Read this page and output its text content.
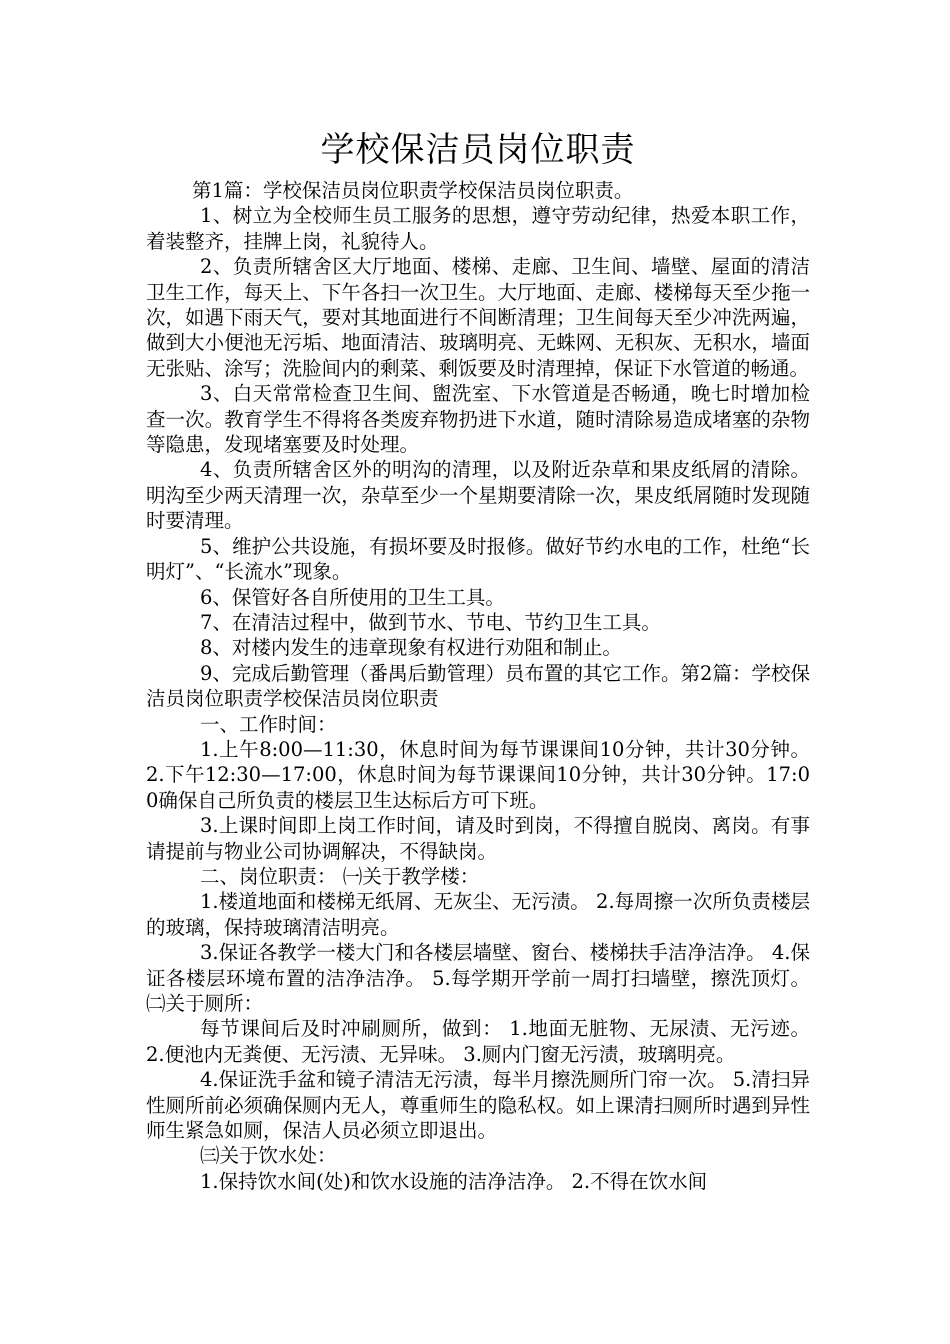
学校保洁员岗位职责

第1篇：学校保洁员岗位职责学校保洁员岗位职责。

1、树立为全校师生员工服务的思想，遵守劳动纪律，热爱本职工作，着装整齐，挂牌上岗，礼貌待人。

2、负责所辖舍区大厅地面、楼梯、走廊、卫生间、墙壁、屋面的清洁卫生工作，每天上、下午各扫一次卫生。大厅地面、走廊、楼梯每天至少拖一次，如遇下雨天气，要对其地面进行不间断清理；卫生间每天至少冲洗两遍，做到大小便池无污垢、地面清洁、玻璃明亮、无蛛网、无积灰、无积水，墙面无张贴、涂写；洗脸间内的剩菜、剩饭要及时清理掉，保证下水管道的畅通。

3、白天常常检查卫生间、盥洗室、下水管道是否畅通，晚七时增加检查一次。教育学生不得将各类废弃物扔进下水道，随时清除易造成堵塞的杂物等隐患，发现堵塞要及时处理。

4、负责所辖舍区外的明沟的清理，以及附近杂草和果皮纸屑的清除。明沟至少两天清理一次，杂草至少一个星期要清除一次，果皮纸屑随时发现随时要清理。

5、维护公共设施，有损坏要及时报修。做好节约水电的工作，杜绝“长明灯”、“长流水”现象。

6、保管好各自所使用的卫生工具。

7、在清洁过程中，做到节水、节电、节约卫生工具。

8、对楼内发生的违章现象有权进行劝阻和制止。

9、完成后勤管理（番禺后勤管理）员布置的其它工作。第2篇：学校保洁员岗位职责学校保洁员岗位职责

一、工作时间：

1.上午8:00—11:30，休息时间为每节课课间10分钟，共计30分钟。 2.下午12:30—17:00，休息时间为每节课课间10分钟，共计30分钟。17:00确保自己所负责的楼层卫生达标后方可下班。

3.上课时间即上岗工作时间，请及时到岗，不得擅自脱岗、离岗。有事请提前与物业公司协调解决，不得缺岗。

二、岗位职责： ㈠关于教学楼：

1.楼道地面和楼梯无纸屑、无灰尘、无污渍。 2.每周擦一次所负责楼层的玻璃，保持玻璃清洁明亮。

3.保证各教学一楼大门和各楼层墙壁、窗台、楼梯扶手洁净洁净。 4.保证各楼层环境布置的洁净洁净。 5.每学期开学前一周打扫墙壁，擦洗顶灯。 ㈡关于厕所：

每节课间后及时冲刷厕所，做到： 1.地面无脏物、无尿渍、无污迹。 2.便池内无粪便、无污渍、无异味。 3.厕内门窗无污渍，玻璃明亮。

4.保证洗手盆和镜子清洁无污渍，每半月擦洗厕所门帘一次。 5.清扫异性厕所前必须确保厕内无人，尊重师生的隐私权。如上课清扫厕所时遇到异性师生紧急如厕，保洁人员必须立即退出。

㈢关于饮水处：

1.保持饮水间(处)和饮水设施的洁净洁净。 2.不得在饮水间
